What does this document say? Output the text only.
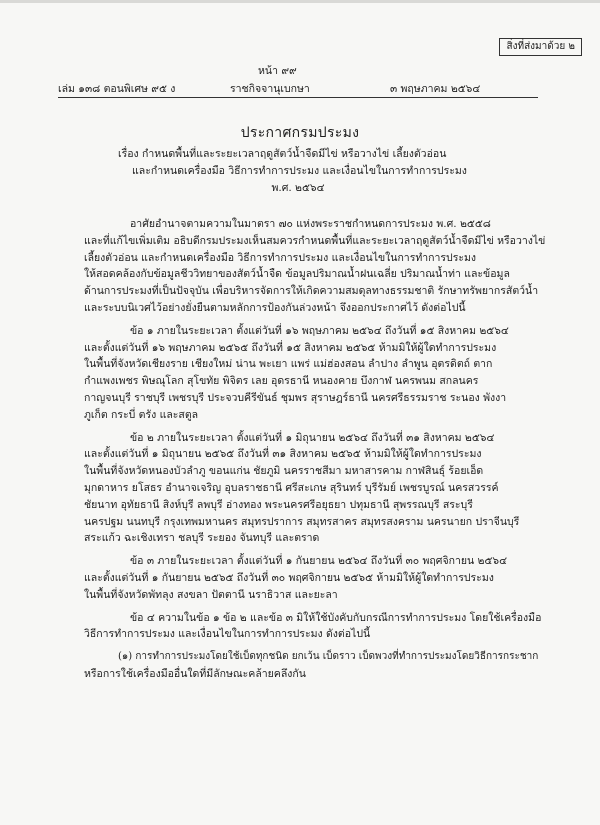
สิ่งที่ส่งมาด้วย ๒
หน้า ๙๙
เล่ม ๑๓๘ ตอนพิเศษ ๙๕ ง	ราชกิจจานุเบกษา	๓ พฤษภาคม ๒๕๖๔
ประกาศกรมประมง
เรื่อง กำหนดพื้นที่และระยะเวลาฤดูสัตว์น้ำจืดมีไข่ หรือวางไข่ เลี้ยงตัวอ่อน
และกำหนดเครื่องมือ วิธีการทำการประมง และเงื่อนไขในการทำการประมง
พ.ศ. ๒๕๖๔

อาศัยอำนาจตามความในมาตรา ๗๐ แห่งพระราชกำหนดการประมง พ.ศ. ๒๕๕๘

และที่แก้ไขเพิ่มเติม อธิบดีกรมประมงเห็นสมควรกำหนดพื้นที่และระยะเวลาฤดูสัตว์น้ำจืดมีไข่ หรือวางไข่

เลี้ยงตัวอ่อน และกำหนดเครื่องมือ วิธีการทำการประมง และเงื่อนไขในการทำการประมง

ให้สอดคล้องกับข้อมูลชีววิทยาของสัตว์น้ำจืด ข้อมูลปริมาณน้ำฝนเฉลี่ย ปริมาณน้ำท่า และข้อมูล

ด้านการประมงที่เป็นปัจจุบัน เพื่อบริหารจัดการให้เกิดความสมดุลทางธรรมชาติ รักษาทรัพยากรสัตว์น้ำ

และระบบนิเวศไว้อย่างยั่งยืนตามหลักการป้องกันล่วงหน้า จึงออกประกาศไว้ ดังต่อไปนี้

ข้อ ๑ ภายในระยะเวลา ตั้งแต่วันที่ ๑๖ พฤษภาคม ๒๕๖๔ ถึงวันที่ ๑๕ สิงหาคม ๒๕๖๔

และตั้งแต่วันที่ ๑๖ พฤษภาคม ๒๕๖๕ ถึงวันที่ ๑๕ สิงหาคม ๒๕๖๕ ห้ามมิให้ผู้ใดทำการประมง

ในพื้นที่จังหวัดเชียงราย เชียงใหม่ น่าน พะเยา แพร่ แม่ฮ่องสอน ลำปาง ลำพูน อุตรดิตถ์ ตาก

กำแพงเพชร พิษณุโลก สุโขทัย พิจิตร เลย อุดรธานี หนองคาย บึงกาฬ นครพนม สกลนคร

กาญจนบุรี ราชบุรี เพชรบุรี ประจวบคีรีขันธ์ ชุมพร สุราษฎร์ธานี นครศรีธรรมราช ระนอง พังงา

ภูเก็ต กระบี่ ตรัง และสตูล

ข้อ ๒ ภายในระยะเวลา ตั้งแต่วันที่ ๑ มิถุนายน ๒๕๖๔ ถึงวันที่ ๓๑ สิงหาคม ๒๕๖๔

และตั้งแต่วันที่ ๑ มิถุนายน ๒๕๖๕ ถึงวันที่ ๓๑ สิงหาคม ๒๕๖๕ ห้ามมิให้ผู้ใดทำการประมง

ในพื้นที่จังหวัดหนองบัวลำภู ขอนแก่น ชัยภูมิ นครราชสีมา มหาสารคาม กาฬสินธุ์ ร้อยเอ็ด

มุกดาหาร ยโสธร อำนาจเจริญ อุบลราชธานี ศรีสะเกษ สุรินทร์ บุรีรัมย์ เพชรบูรณ์ นครสวรรค์

ชัยนาท อุทัยธานี สิงห์บุรี ลพบุรี อ่างทอง พระนครศรีอยุธยา ปทุมธานี สุพรรณบุรี สระบุรี

นครปฐม นนทบุรี กรุงเทพมหานคร สมุทรปราการ สมุทรสาคร สมุทรสงคราม นครนายก ปราจีนบุรี

สระแก้ว ฉะเชิงเทรา ชลบุรี ระยอง จันทบุรี และตราด

ข้อ ๓ ภายในระยะเวลา ตั้งแต่วันที่ ๑ กันยายน ๒๕๖๔ ถึงวันที่ ๓๐ พฤศจิกายน ๒๕๖๔

และตั้งแต่วันที่ ๑ กันยายน ๒๕๖๕ ถึงวันที่ ๓๐ พฤศจิกายน ๒๕๖๕ ห้ามมิให้ผู้ใดทำการประมง

ในพื้นที่จังหวัดพัทลุง สงขลา ปัตตานี นราธิวาส และยะลา

ข้อ ๔ ความในข้อ ๑ ข้อ ๒ และข้อ ๓ มิให้ใช้บังคับกับกรณีการทำการประมง โดยใช้เครื่องมือ

วิธีการทำการประมง และเงื่อนไขในการทำการประมง ดังต่อไปนี้

(๑) การทำการประมงโดยใช้เบ็ดทุกชนิด ยกเว้น เบ็ดราว เบ็ดพวงที่ทำการประมงโดยวิธีการกระชาก

หรือการใช้เครื่องมืออื่นใดที่มีลักษณะคล้ายคลึงกัน
